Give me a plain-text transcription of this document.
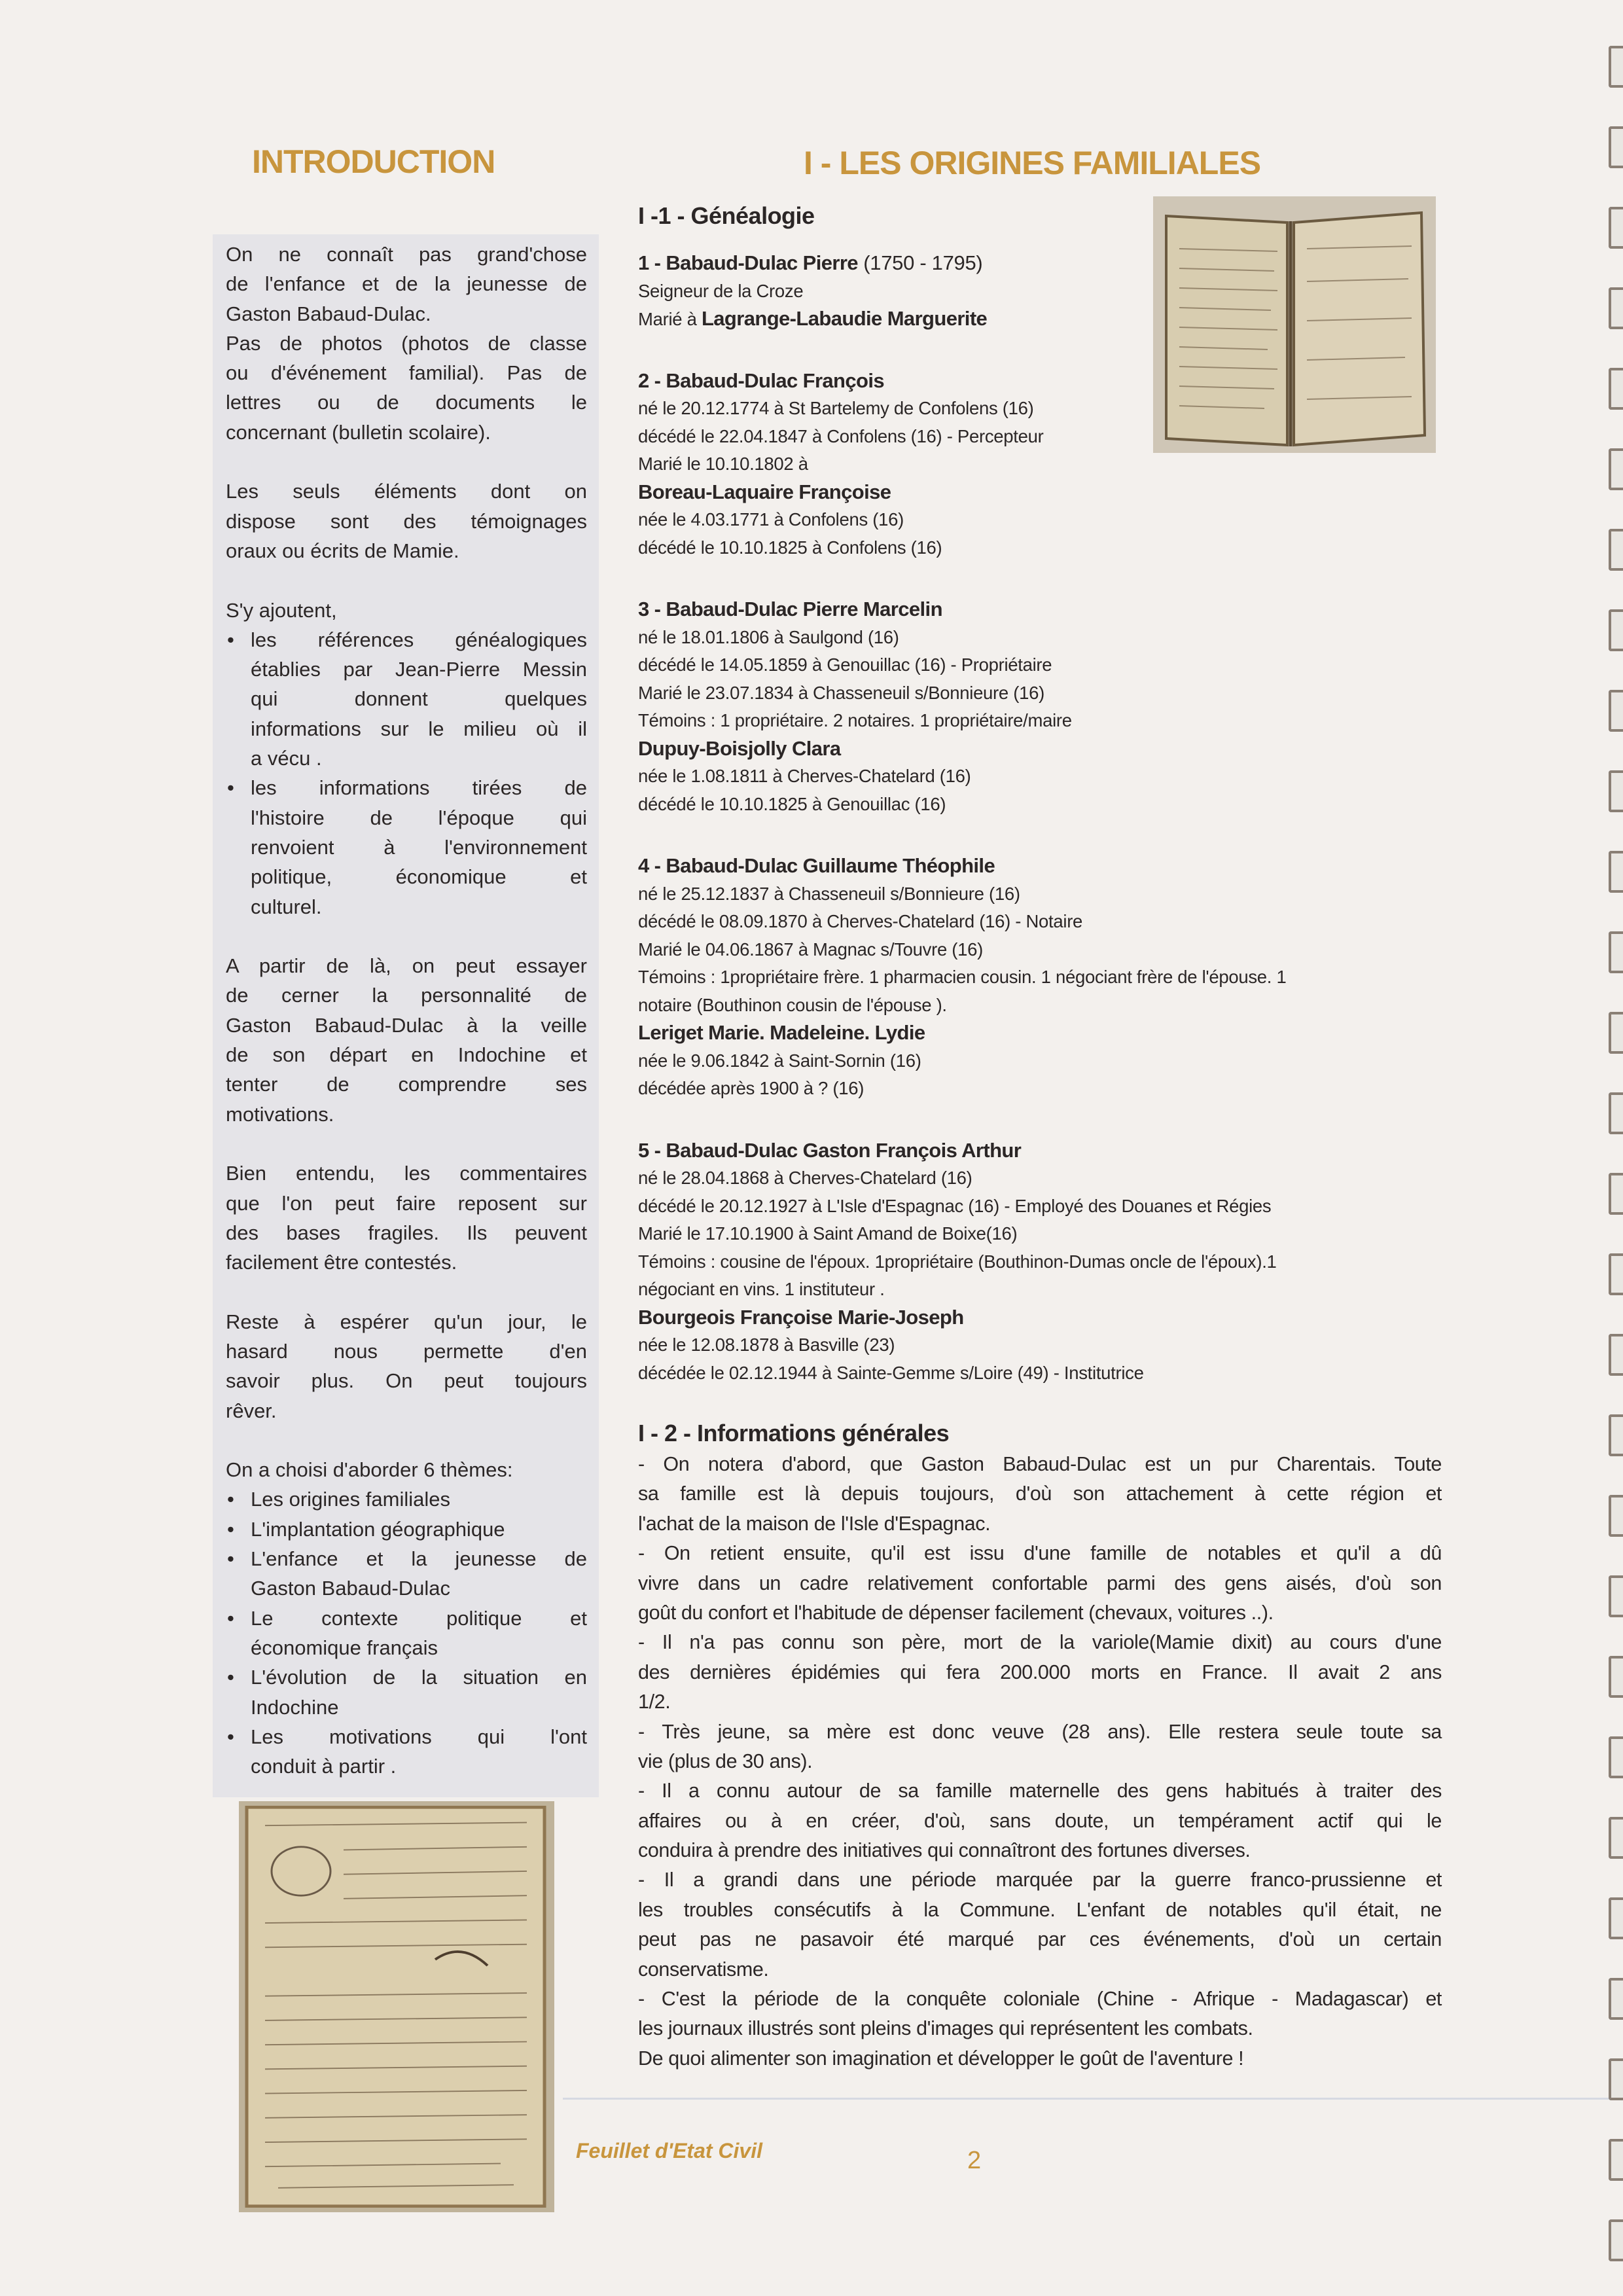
INTRODUCTION	I - LES ORIGINES FAMILIALES
On ne connaît pas grand'chose
de l'enfance et de la jeunesse de
Gaston Babaud-Dulac.
Pas de photos (photos de classe
ou d'événement familial). Pas de
lettres ou de documents le
concernant (bulletin scolaire).
Les seuls éléments dont on
dispose sont des témoignages
oraux ou écrits de Mamie.
S'y ajoutent,
• les références généalogiques
établies par Jean-Pierre Messin
qui donnent quelques
informations sur le milieu où il
a vécu .
• les informations tirées de
l'histoire de l'époque qui
renvoient à l'environnement
politique, économique et
culturel.
A partir de là, on peut essayer
de cerner la personnalité de
Gaston Babaud-Dulac à la veille
de son départ en Indochine et
tenter de comprendre ses
motivations.
Bien entendu, les commentaires
que l'on peut faire reposent sur
des bases fragiles. Ils peuvent
facilement être contestés.
Reste à espérer qu'un jour, le
hasard nous permette d'en
savoir plus. On peut toujours
rêver.
On a choisi d'aborder 6 thèmes:
• Les origines familiales
• L'implantation géographique
• L'enfance et la jeunesse de
Gaston Babaud-Dulac
• Le contexte politique et
économique français
• L'évolution de la situation en
Indochine
• Les motivations qui l'ont
conduit à partir .
I -1 - Généalogie
1 - Babaud-Dulac Pierre (1750 - 1795)
Seigneur de la Croze
Marié à Lagrange-Labaudie Marguerite
2 - Babaud-Dulac François
né le 20.12.1774 à St Bartelemy de Confolens (16)
décédé le 22.04.1847 à Confolens (16) - Percepteur
Marié le 10.10.1802 à
Boreau-Laquaire Françoise
née le 4.03.1771 à Confolens (16)
décédé le 10.10.1825 à Confolens (16)
3 - Babaud-Dulac Pierre Marcelin
né le 18.01.1806 à Saulgond (16)
décédé le 14.05.1859 à Genouillac (16) - Propriétaire
Marié le 23.07.1834 à Chasseneuil s/Bonnieure (16)
Témoins : 1 propriétaire. 2 notaires. 1 propriétaire/maire
Dupuy-Boisjolly Clara
née le 1.08.1811 à Cherves-Chatelard (16)
décédé le 10.10.1825 à Genouillac (16)
4 - Babaud-Dulac Guillaume Théophile
né le 25.12.1837 à Chasseneuil s/Bonnieure (16)
décédé le 08.09.1870 à Cherves-Chatelard (16) - Notaire
Marié le 04.06.1867 à Magnac s/Touvre (16)
Témoins : 1propriétaire frère. 1 pharmacien cousin. 1 négociant frère de l'épouse. 1
notaire (Bouthinon cousin de l'épouse ).
Leriget Marie. Madeleine. Lydie
née le 9.06.1842 à Saint-Sornin (16)
décédée après 1900 à ? (16)
5 - Babaud-Dulac Gaston François Arthur
né le 28.04.1868 à Cherves-Chatelard (16)
décédé le 20.12.1927 à L'Isle d'Espagnac (16) - Employé des Douanes et Régies
Marié le 17.10.1900 à Saint Amand de Boixe(16)
Témoins : cousine de l'époux. 1propriétaire (Bouthinon-Dumas oncle de l'époux).1
négociant en vins. 1 instituteur .
Bourgeois Françoise Marie-Joseph
née le 12.08.1878 à Basville (23)
décédée le 02.12.1944 à Sainte-Gemme s/Loire (49) - Institutrice
I - 2 - Informations générales
- On notera d'abord, que Gaston Babaud-Dulac est un pur Charentais. Toute
sa famille est là depuis toujours, d'où son attachement à cette région et
l'achat de la maison de l'Isle d'Espagnac.
- On retient ensuite, qu'il est issu d'une famille de notables et qu'il a dû
vivre dans un cadre relativement confortable parmi des gens aisés, d'où son
goût du confort et l'habitude de dépenser facilement (chevaux, voitures ..).
- Il n'a pas connu son père, mort de la variole(Mamie dixit) au cours d'une
des dernières épidémies qui fera 200.000 morts en France. Il avait 2 ans
1/2.
- Très jeune, sa mère est donc veuve (28 ans). Elle restera seule toute sa
vie (plus de 30 ans).
- Il a connu autour de sa famille maternelle des gens habitués à traiter des
affaires ou à en créer, d'où, sans doute, un tempérament actif qui le
conduira à prendre des initiatives qui connaîtront des fortunes diverses.
- Il a grandi dans une période marquée par la guerre franco-prussienne et
les troubles consécutifs à la Commune. L'enfant de notables qu'il était, ne
peut pas ne pasavoir été marqué par ces événements, d'où un certain
conservatisme.
- C'est la période de la conquête coloniale (Chine - Afrique - Madagascar) et
les journaux illustrés sont pleins d'images qui représentent les combats.
De quoi alimenter son imagination et développer le goût de l'aventure !
Feuillet d'Etat Civil	2
